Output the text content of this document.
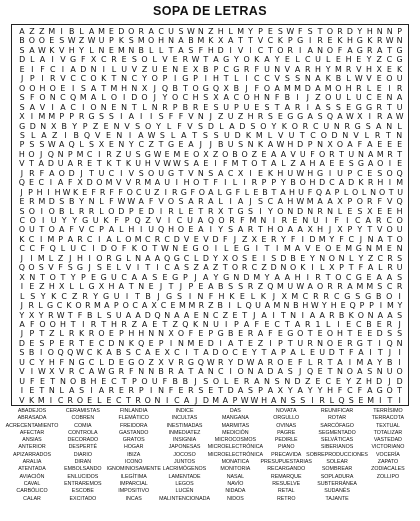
SOPA DE LETRAS
A Z Z M I B L A M E D O R A C U S W N Z H L M Y P E S W F S T O R D Y H N N P
B O O E S W Z W U P K S M O H N A B M K X A T T V C K P G I R E K H G K R W N
S A W K V H Y L N E M N B L L T A S F H D I V I C T O R I A N O F A G R A T G
D L A I V G F X C R E S O L V E R W T A G Y O K A Y E L C U L E H E Y Z C G
E I F C I A D N I L U V Z U E N E X B P C G R F U N V A R H Y M R V H X E K
J P I R V C C O K T N C Y O P I G P I H T L I C C V S S N A K B L W V E O U
O O H O E I S A T M H N X J Q B T O G Q X B J F O A M M D A M O H R L E I R
S F O N C Q M A L O I D O J Y O C H S X A C O H N F B I J Z O U L U C E N A
S A V I A C I O N E N T L N R P B R E S U P U E S T A R I A S S E G G R T U
X I M M P P R G S S I A I I S F F V N J Z U Z H R S E G G A S Q A W X I R A W
G D N X B Y P Z E N V S O Y L F V S D L A D S O Y K O R C U N R G S A N L
S L A Z I B Q V E N I A W S L A T S S U D K M L V U T C O D N V L R T N
P S S W A Q L S X E N Y C Z T G E A J J B U S N K A W H D P N X O A F A E E E
H O J Q N P M C I R Z U S G W E M E O X Z O B O Z E A A V U F O R T U N A M R T
V T A D U A R E T K T K U H V W W S A E I F M T O T A L Z A H A E E S G A O I E
J R F A O D J T U C I V S O U G T V N S A C X I E K H U W H G I U P C E S O Q
Q E C I A F X D O M V V R M A U I H O T F I L I R P P Y B O H D C A D K R H I M
J P H I H W K E F R F F O C U Z I R G F O A L G F L E B T A H U F Q A P L O L N O T U
E R M D S B Y N L F W W A F V O S A R A L I A J S C A H W M A A X P O R F V Q
S O I O B L R R L O D P E D I R L E T R X T G S I Y O N D N R N L E S X E E H
C O I U Y Y G U K F P Q Z V I C U A Q O R F M N I R E N U I F I C A R C O
O U T O A F V C P A L H I U Q H O E A I Y S A R T H O A A X H J X P Y T V O U
K C I M P A R C I A L O M C R C D V E V D F J Z X E R Y F I D M Y F C J N A T O
C C F Q L U C I D O F K O T W N E G O I L E G I T I M A V E O E M G N M E N
J I M L Z J H I O R G L N A A Q G C L D Y X O S E I S D B E Y N O N L Y Z C R S
Q O S V F S G J S E L V I T I C A S Z A Z T O R C Z D N O K I L X P T F A L R U
X N T O T Y P E G U C A A S E G P J A Y G N D M Y A A H I R T O C G E A A S
I E Z H X L L G X H A T N E J T J P E A B S S R Z Q M U W A O R R A M M S C R
L S Y K C Z R Y G U I T B J G S I N F H K E L K J X M C R R C G S G B O I
J R L G C K O R M A P O C A X C E M M R Z B I L Q U A M N B H W Y H E Q P P I M Y
Y X Y R W T F B L S U A A D Q N A A E N C Z E T J A I T N I A A R B K O N A A S
A F O O H T I R T H R Z A E T Z Q K N U I P A F E C T A R 1 L I E C B E R J
J P T Z L R K R O E P H H N N X O F E P G B E R A F E G O T E O H T E E D S S
D E S P E R T E C D N K Q E P I N M E D I A T E Z I P T U R N O E R G T I Q N
S B I O Q Q W C K A B S C A E X C I T A D O C E Y T A P A L E U D T F A I T J I
U C Y H F N G C L D E G O Z X V R G Q W R Y D W A R O E F L R T A I M A Y B I
V I W X V R C A W G R F N N B R A T A N C I O N A D A S J Q E T N O A S N U O
U F E T N O B H E C T P O U F B B J S O L E R A N S N D Z E C E Y Z H D J D
I E T N L A S I A R E R P I N F E R S E T D A S P A X Y A Y Y H F C F A G O T
V K M I C R O E L E C T R O N I C A J D M A P W W H A N S S I R L Q S E M I T I
ABADEJOS
ABRASADA
ACRECENTAMIENTO
AFECTAR
ANSIAS
ANTERIOR
APIZARRADOS
ARALIA
ATENTADA
AVIACIÓN
CAVAL
CARBÓLICO
CALAR
CERAMISTAS
COBREN
COMIA
CONTROLA
DECORADO
DESPERTÉ
DIARIO
DIRAN
EMBOLSANDO
ENLUCIDOS
ENTRAREMOS
ESCOBE
EXCITADO
FINLANDIA
FLEMÁTICO
FREIDORA
GASTANDO
GRATOS
HOGAR
IBIZA
ICONO
IGNOMINIOSAMENTE
ILEGÍTIMA
IMPARCIAL
IMPOSITIVO
INCAS
INDICE
INCULTAS
INESTIMADAS
INMEDIATEZ
INSIGNIA
JAPONESAS
JOCOSO
JUNTOS
LACRIMÓGENOS
LAMENTADE
LEGOS
LUCÉN
MALINTENCIONADA
DAS
MANGANA
MARMITAS
MEDICIÓN
MICROCOSMOS
MICROELECTRÓNICA
MICROELECTRÓNICA
MONATICA
MONITORIA
NASAL
NAVÍO
NIDADA
NIDOS
NOVATA
ORGULLO
OVINAS
PAGRE
PEDIRLE
PIANO
PRECAVIDA
PRESUPUESTARIAS
RECARGANDO
REMARQUE
RESUELVE
RETAL
RETRO
REUNIFICAR
ROTAR
SARCÓFAGO
SEGMENTADO
SELVÁTICAS
SIBERIANOS
SOBREPRODUCCIONES
SOLEAR
SOMBREAR
SOPLADURA
SUBTERRÁNEA
SUDANÉS
TAJANTE
TERRÍSIMO
TERRACOTA
TEXTUAL
TOTALIZAR
VASTEDAD
VICTORIANO
VOCERÍA
ZAPATO
ZODIACALES
ZOLLIPO
